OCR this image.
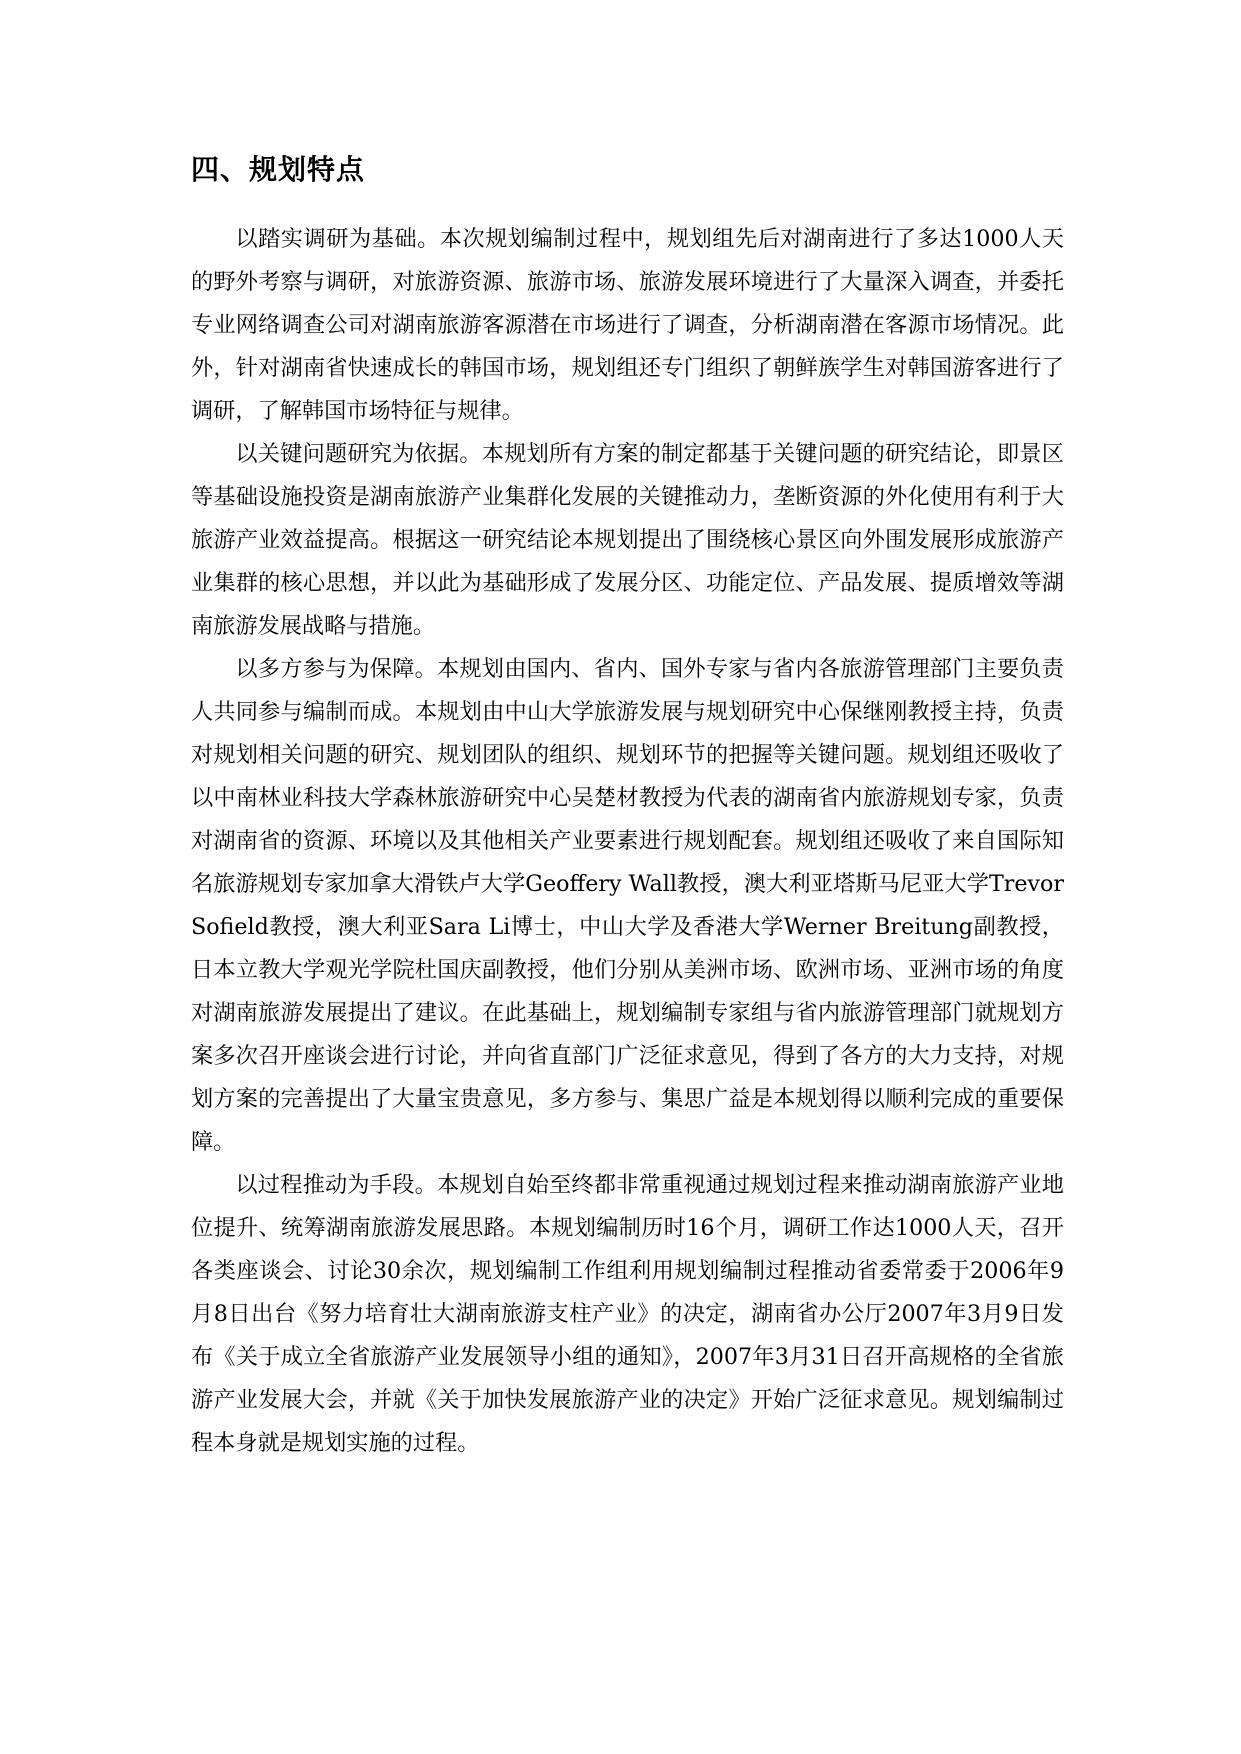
四、规划特点

以踏实调研为基础。本次规划编制过程中，规划组先后对湖南进行了多达1000人天的野外考察与调研，对旅游资源、旅游市场、旅游发展环境进行了大量深入调查，并委托专业网络调查公司对湖南旅游客源潜在市场进行了调查，分析湖南潜在客源市场情况。此外，针对湖南省快速成长的韩国市场，规划组还专门组织了朝鲜族学生对韩国游客进行了调研，了解韩国市场特征与规律。

以关键问题研究为依据。本规划所有方案的制定都基于关键问题的研究结论，即景区等基础设施投资是湖南旅游产业集群化发展的关键推动力，垄断资源的外化使用有利于大旅游产业效益提高。根据这一研究结论本规划提出了围绕核心景区向外围发展形成旅游产业集群的核心思想，并以此为基础形成了发展分区、功能定位、产品发展、提质增效等湖南旅游发展战略与措施。

以多方参与为保障。本规划由国内、省内、国外专家与省内各旅游管理部门主要负责人共同参与编制而成。本规划由中山大学旅游发展与规划研究中心保继刚教授主持，负责对规划相关问题的研究、规划团队的组织、规划环节的把握等关键问题。规划组还吸收了以中南林业科技大学森林旅游研究中心吴楚材教授为代表的湖南省内旅游规划专家，负责对湖南省的资源、环境以及其他相关产业要素进行规划配套。规划组还吸收了来自国际知名旅游规划专家加拿大滑铁卢大学Geoffery Wall教授，澳大利亚塔斯马尼亚大学Trevor Sofield教授，澳大利亚Sara Li博士，中山大学及香港大学Werner Breitung副教授，日本立教大学观光学院杜国庆副教授，他们分别从美洲市场、欧洲市场、亚洲市场的角度对湖南旅游发展提出了建议。在此基础上，规划编制专家组与省内旅游管理部门就规划方案多次召开座谈会进行讨论，并向省直部门广泛征求意见，得到了各方的大力支持，对规划方案的完善提出了大量宝贵意见，多方参与、集思广益是本规划得以顺利完成的重要保障。

以过程推动为手段。本规划自始至终都非常重视通过规划过程来推动湖南旅游产业地位提升、统筹湖南旅游发展思路。本规划编制历时16个月，调研工作达1000人天，召开各类座谈会、讨论30余次，规划编制工作组利用规划编制过程推动省委常委于2006年9月8日出台《努力培育壮大湖南旅游支柱产业》的决定，湖南省办公厅2007年3月9日发布《关于成立全省旅游产业发展领导小组的通知》，2007年3月31日召开高规格的全省旅游产业发展大会，并就《关于加快发展旅游产业的决定》开始广泛征求意见。规划编制过程本身就是规划实施的过程。
